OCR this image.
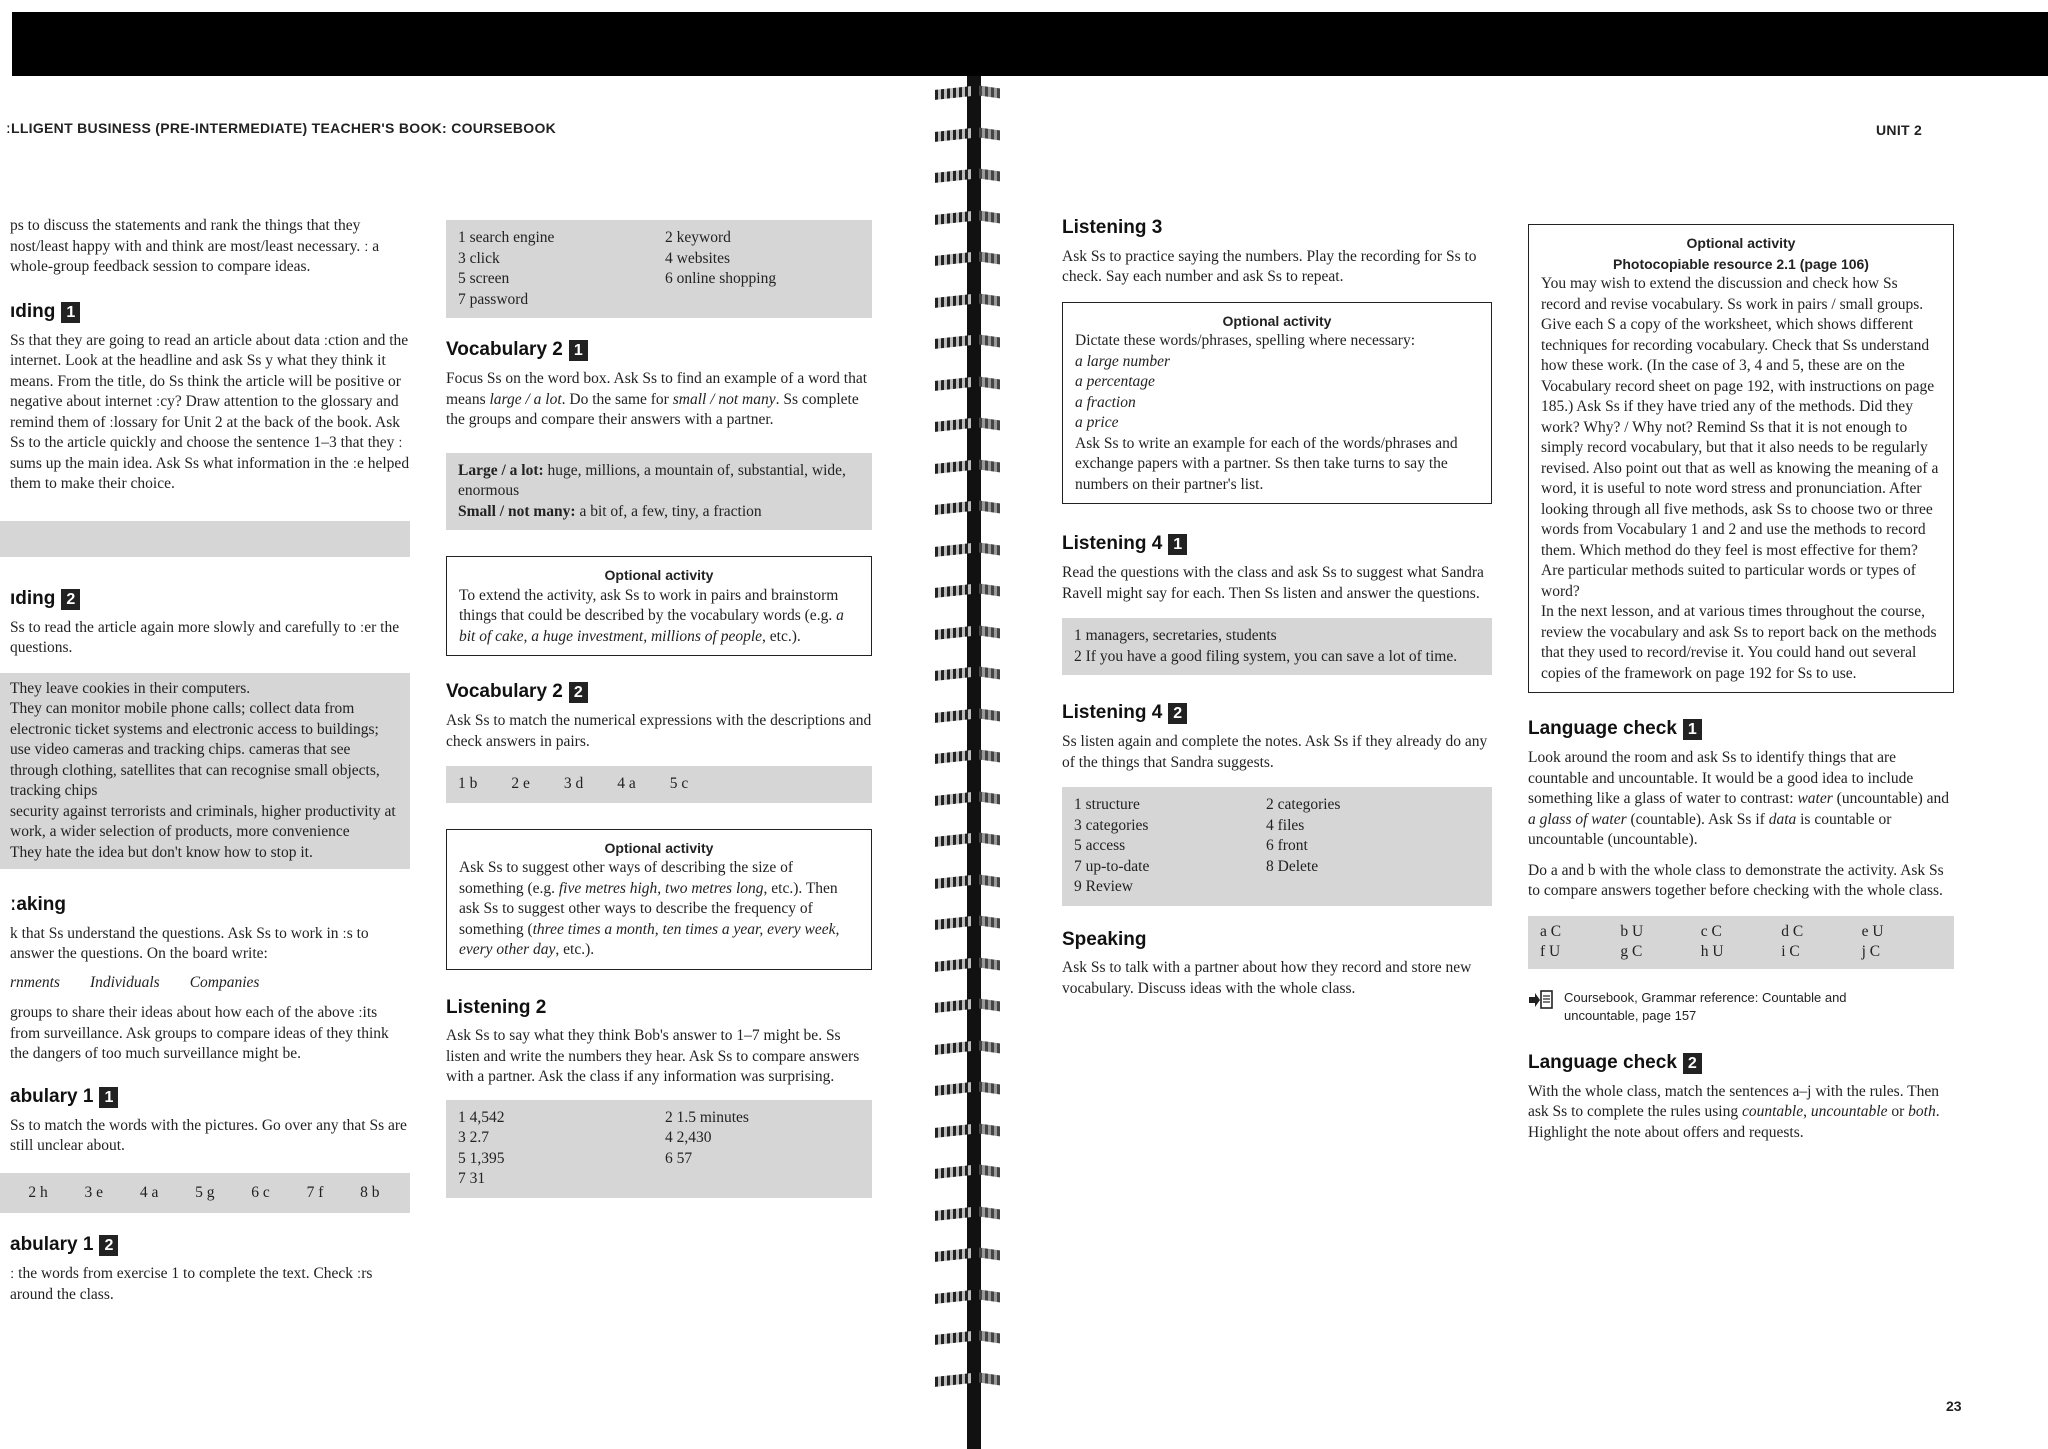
ːLLIGENT BUSINESS (PRE-INTERMEDIATE) TEACHER'S BOOK: COURSEBOOK

ps to discuss the statements and rank the things that they nost/least happy with and think are most/least necessary. ː a whole-group feedback session to compare ideas.

ıding 1

Ss that they are going to read an article about data ːction and the internet. Look at the headline and ask Ss y what they think it means. From the title, do Ss think the article will be positive or negative about internet ːcy? Draw attention to the glossary and remind them of ːlossary for Unit 2 at the back of the book. Ask Ss to the article quickly and choose the sentence 1–3 that they ː sums up the main idea. Ask Ss what information in the ːe helped them to make their choice.

ıding 2

Ss to read the article again more slowly and carefully to ːer the questions.

They leave cookies in their computers.
They can monitor mobile phone calls; collect data from electronic ticket systems and electronic access to buildings; use video cameras and tracking chips. cameras that see through clothing, satellites that can recognise small objects, tracking chips
security against terrorists and criminals, higher productivity at work, a wider selection of products, more convenience
They hate the idea but don't know how to stop it.
ːaking

k that Ss understand the questions. Ask Ss to work in ːs to answer the questions. On the board write:

rnments Individuals Companies

groups to share their ideas about how each of the above ːits from surveillance. Ask groups to compare ideas of they think the dangers of too much surveillance might be.

abulary 1 1

Ss to match the words with the pictures. Go over any that Ss are still unclear about.

2 h 3 e 4 a 5 g 6 c 7 f 8 b
abulary 1 2

ː the words from exercise 1 to complete the text. Check ːrs around the class.

1 search engine	2 keyword
3 click	4 websites
5 screen	6 online shopping
7 password
Vocabulary 2 1

Focus Ss on the word box. Ask Ss to find an example of a word that means large / a lot. Do the same for small / not many. Ss complete the groups and compare their answers with a partner.

Large / a lot: huge, millions, a mountain of, substantial, wide, enormous
Small / not many: a bit of, a few, tiny, a fraction
Optional activity
To extend the activity, ask Ss to work in pairs and brainstorm things that could be described by the vocabulary words (e.g. a bit of cake, a huge investment, millions of people, etc.).
Vocabulary 2 2

Ask Ss to match the numerical expressions with the descriptions and check answers in pairs.

1 b 2 e 3 d 4 a 5 c
Optional activity
Ask Ss to suggest other ways of describing the size of something (e.g. five metres high, two metres long, etc.). Then ask Ss to suggest other ways to describe the frequency of something (three times a month, ten times a year, every week, every other day, etc.).
Listening 2

Ask Ss to say what they think Bob's answer to 1–7 might be. Ss listen and write the numbers they hear. Ask Ss to compare answers with a partner. Ask the class if any information was surprising.

1 4,542	2 1.5 minutes
3 2.7	4 2,430
5 1,395	6 57
7 31
UNIT 2
Listening 3

Ask Ss to practice saying the numbers. Play the recording for Ss to check. Say each number and ask Ss to repeat.

Optional activity
Dictate these words/phrases, spelling where necessary:
a large number
a percentage
a fraction
a price
Ask Ss to write an example for each of the words/phrases and exchange papers with a partner. Ss then take turns to say the numbers on their partner's list.
Listening 4 1

Read the questions with the class and ask Ss to suggest what Sandra Ravell might say for each. Then Ss listen and answer the questions.

1 managers, secretaries, students
2 If you have a good filing system, you can save a lot of time.
Listening 4 2

Ss listen again and complete the notes. Ask Ss if they already do any of the things that Sandra suggests.

1 structure	2 categories
3 categories	4 files
5 access	6 front
7 up-to-date	8 Delete
9 Review
Speaking

Ask Ss to talk with a partner about how they record and store new vocabulary. Discuss ideas with the whole class.

Optional activity
Photocopiable resource 2.1 (page 106)
You may wish to extend the discussion and check how Ss record and revise vocabulary. Ss work in pairs / small groups. Give each S a copy of the worksheet, which shows different techniques for recording vocabulary. Check that Ss understand how these work. (In the case of 3, 4 and 5, these are on the Vocabulary record sheet on page 192, with instructions on page 185.) Ask Ss if they have tried any of the methods. Did they work? Why? / Why not? Remind Ss that it is not enough to simply record vocabulary, but that it also needs to be regularly revised. Also point out that as well as knowing the meaning of a word, it is useful to note word stress and pronunciation. After looking through all five methods, ask Ss to choose two or three words from Vocabulary 1 and 2 and use the methods to record them. Which method do they feel is most effective for them? Are particular methods suited to particular words or types of word?
In the next lesson, and at various times throughout the course, review the vocabulary and ask Ss to report back on the methods that they used to record/revise it. You could hand out several copies of the framework on page 192 for Ss to use.
Language check 1

Look around the room and ask Ss to identify things that are countable and uncountable. It would be a good idea to include something like a glass of water to contrast: water (uncountable) and a glass of water (countable). Ask Ss if data is countable or uncountable (uncountable).

Do a and b with the whole class to demonstrate the activity. Ask Ss to compare answers together before checking with the whole class.

a C	b U	c C	d C	e U
f U	g C	h U	i C	j C
Coursebook, Grammar reference: Countable and uncountable, page 157
Language check 2

With the whole class, match the sentences a–j with the rules. Then ask Ss to complete the rules using countable, uncountable or both. Highlight the note about offers and requests.

23
